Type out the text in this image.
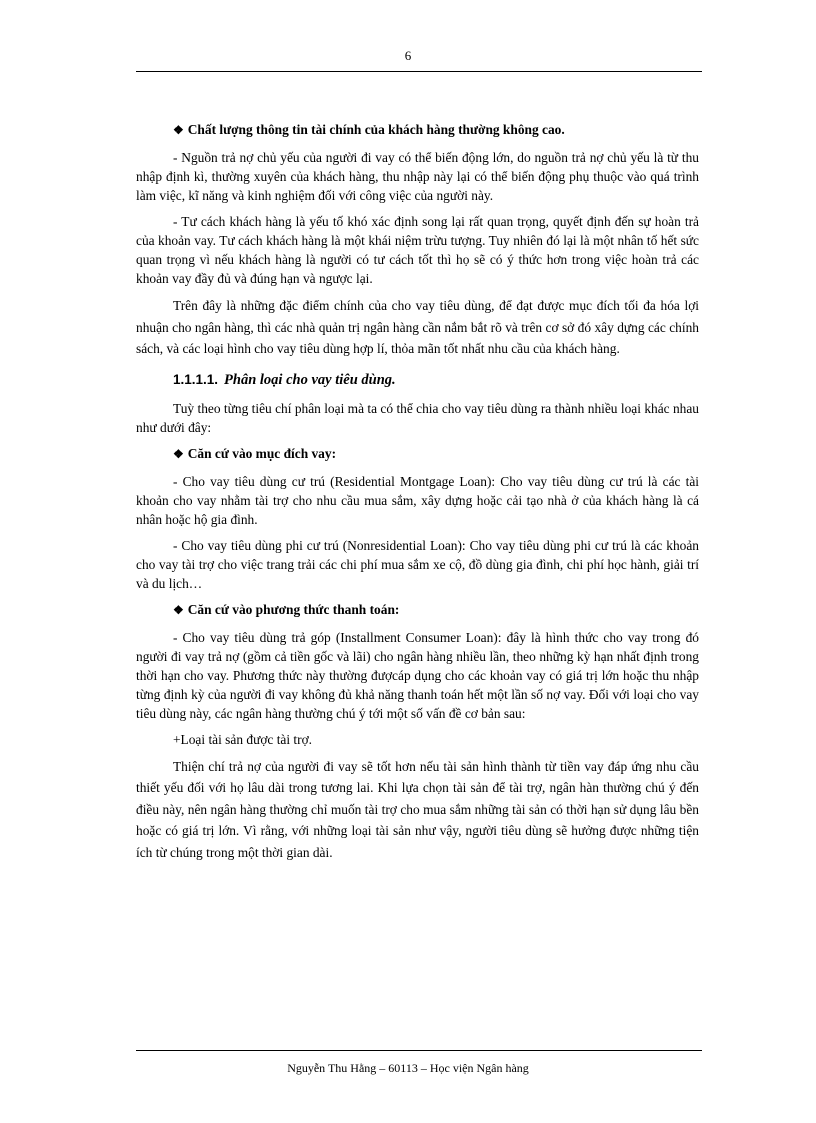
6
❖ Chất lượng thông tin tài chính của khách hàng thường không cao.

- Nguồn trả nợ chủ yếu của người đi vay có thể biến động lớn, do nguồn trả nợ chủ yếu là từ thu nhập định kì, thường xuyên của khách hàng, thu nhập này lại có thể biến động phụ thuộc vào quá trình làm việc, kĩ năng và kinh nghiệm đối với công việc của người này.

- Tư cách khách hàng là yếu tố khó xác định song lại rất quan trọng, quyết định đến sự hoàn trả của khoản vay. Tư cách khách hàng là một khái niệm trừu tượng. Tuy nhiên đó lại là một nhân tố hết sức quan trọng vì nếu khách hàng là người có tư cách tốt thì họ sẽ có ý thức hơn trong việc hoàn trả các khoản vay đầy đủ và đúng hạn và ngược lại.

Trên đây là những đặc điểm chính của cho vay tiêu dùng, để đạt được mục đích tối đa hóa lợi nhuận cho ngân hàng, thì các nhà quản trị ngân hàng cần nắm bắt rõ và trên cơ sở đó xây dựng các chính sách, và các loại hình cho vay tiêu dùng hợp lí, thỏa mãn tốt nhất nhu cầu của khách hàng.

1.1.1.1. Phân loại cho vay tiêu dùng.

Tuỳ theo từng tiêu chí phân loại mà ta có thể chia cho vay tiêu dùng ra thành nhiều loại khác nhau như dưới đây:

❖ Căn cứ vào mục đích vay:

- Cho vay tiêu dùng cư trú (Residential Montgage Loan): Cho vay tiêu dùng cư trú là các tài khoản cho vay nhằm tài trợ cho nhu cầu mua sắm, xây dựng hoặc cải tạo nhà ở của khách hàng là cá nhân hoặc hộ gia đình.

- Cho vay tiêu dùng phi cư trú (Nonresidential Loan): Cho vay tiêu dùng phi cư trú là các khoản cho vay tài trợ cho việc trang trải các chi phí mua sắm xe cộ, đồ dùng gia đình, chi phí học hành, giải trí và du lịch…

❖ Căn cứ vào phương thức thanh toán:

- Cho vay tiêu dùng trả góp (Installment Consumer Loan): đây là hình thức cho vay trong đó người đi vay trả nợ (gồm cả tiền gốc và lãi) cho ngân hàng nhiều lần, theo những kỳ hạn nhất định trong thời hạn cho vay. Phương thức này thường đượcáp dụng cho các khoản vay có giá trị lớn hoặc thu nhập từng định kỳ của người đi vay không đủ khả năng thanh toán hết một lần số nợ vay. Đối với loại cho vay tiêu dùng này, các ngân hàng thường chú ý tới một số vấn đề cơ bản sau:

+Loại tài sản được tài trợ.

Thiện chí trả nợ của người đi vay sẽ tốt hơn nếu tài sản hình thành từ tiền vay đáp ứng nhu cầu thiết yếu đối với họ lâu dài trong tương lai. Khi lựa chọn tài sản để tài trợ, ngân hàn thường chú ý đến điều này, nên ngân hàng thường chỉ muốn tài trợ cho mua sắm những tài sản có thời hạn sử dụng lâu bền hoặc có giá trị lớn. Vì rằng, với những loại tài sản như vậy, người tiêu dùng sẽ hưởng được những tiện ích từ chúng trong một thời gian dài.

Nguyễn Thu Hằng – 60113 – Học viện Ngân hàng
